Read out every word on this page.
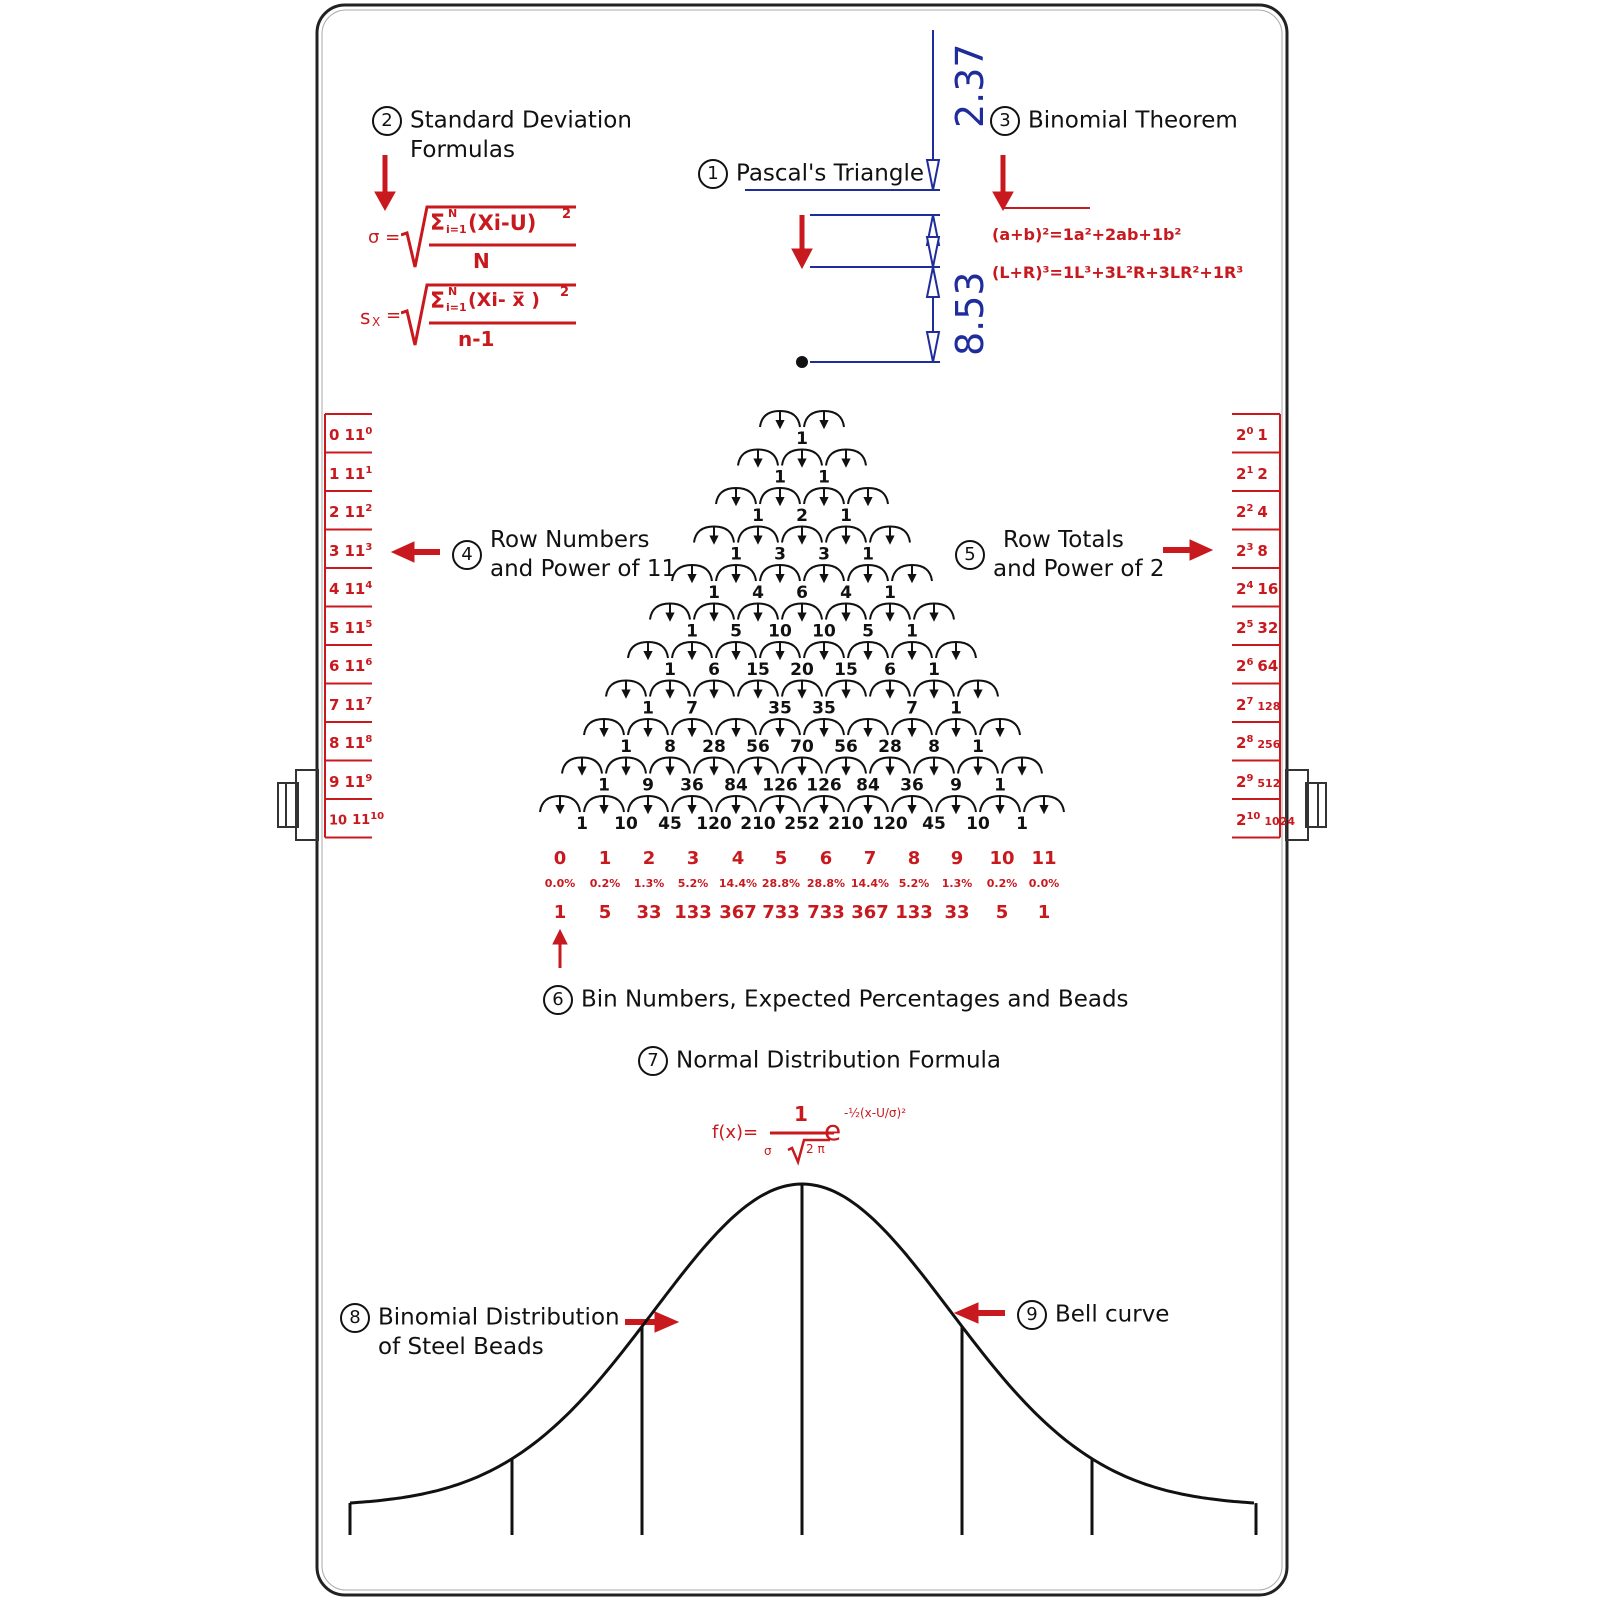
1
1 1
1 2 1
1 3 3 1
1 4 6 4 1
1 5 10 10 5 1
1 6 15 20 15 6 1
1 7	35 35	7 1
1 8 28 56 70 56 28 8 1
1 9 36 84 126 126 84 36 9 1
1 10 45 120 210 252 210 120 45 10 1
0 1 2 3 4 5 6 7 8 9 10 11
0.0% 0.2% 1.3% 5.2% 14.4% 28.8% 28.8% 14.4% 5.2% 1.3% 0.2% 0.0%
1 5 33 133 367 733 733 367 133 33 5 1
1 Pascal's Triangle
2 Standard Deviation
Formulas
3 Binomial Theorem
4
Row Numbers
and Power of 11
5
Row Totals
and Power of 2
6 Bin Numbers, Expected Percentages and Beads
7 Normal Distribution Formula
8 Binomial Distribution
of Steel Beads
9 Bell curve
2.37
8.53
σ =
Σ N
i=1 (Xi-U) 2
N
s X =
Σ N
i=1 (Xi- x̅ ) 2
n-1
(a+b)²=1a²+2ab+1b²
(L+R)³=1L³+3L²R+3LR²+1R³
f(x)=
1
σ	2 π
e
-½(x-U/σ)²
0 $11^0$
1 $11^1$
2 $11^2$
3 $11^3$
4 $11^4$
5 $11^5$
6 $11^6$
7 $11^7$
8 $11^8$
9 $11^9$
10 $11^{10}$
$2^0$ 1
$2^1$ 2
$2^2$ 4
$2^3$ 8
$2^4$ 16
$2^5$ 32
$2^6$ 64
$2^7$ 128
$2^8$ 256
$2^9$ 512
$2^{10}$ 1024
